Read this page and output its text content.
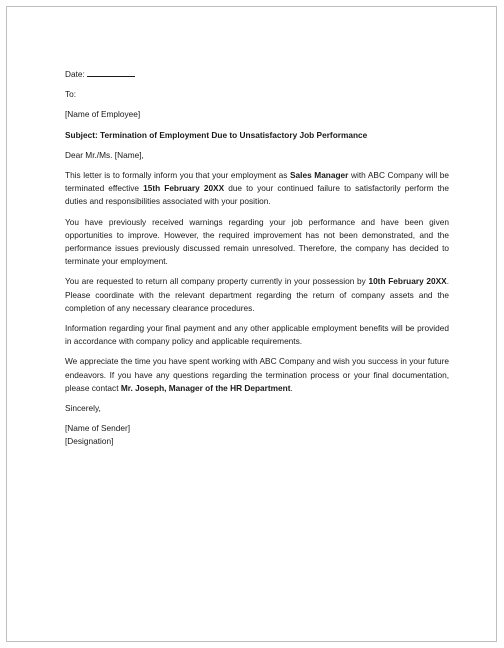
Date:
To:
[Name of Employee]
Subject: Termination of Employment Due to Unsatisfactory Job Performance
Dear Mr./Ms. [Name],

This letter is to formally inform you that your employment as Sales Manager with ABC Company will be terminated effective 15th February 20XX due to your continued failure to satisfactorily perform the duties and responsibilities associated with your position.

You have previously received warnings regarding your job performance and have been given opportunities to improve. However, the required improvement has not been demonstrated, and the performance issues previously discussed remain unresolved. Therefore, the company has decided to terminate your employment.

You are requested to return all company property currently in your possession by 10th February 20XX. Please coordinate with the relevant department regarding the return of company assets and the completion of any necessary clearance procedures.

Information regarding your final payment and any other applicable employment benefits will be provided in accordance with company policy and applicable requirements.

We appreciate the time you have spent working with ABC Company and wish you success in your future endeavors. If you have any questions regarding the termination process or your final documentation, please contact Mr. Joseph, Manager of the HR Department.

Sincerely,
[Name of Sender]
[Designation]
